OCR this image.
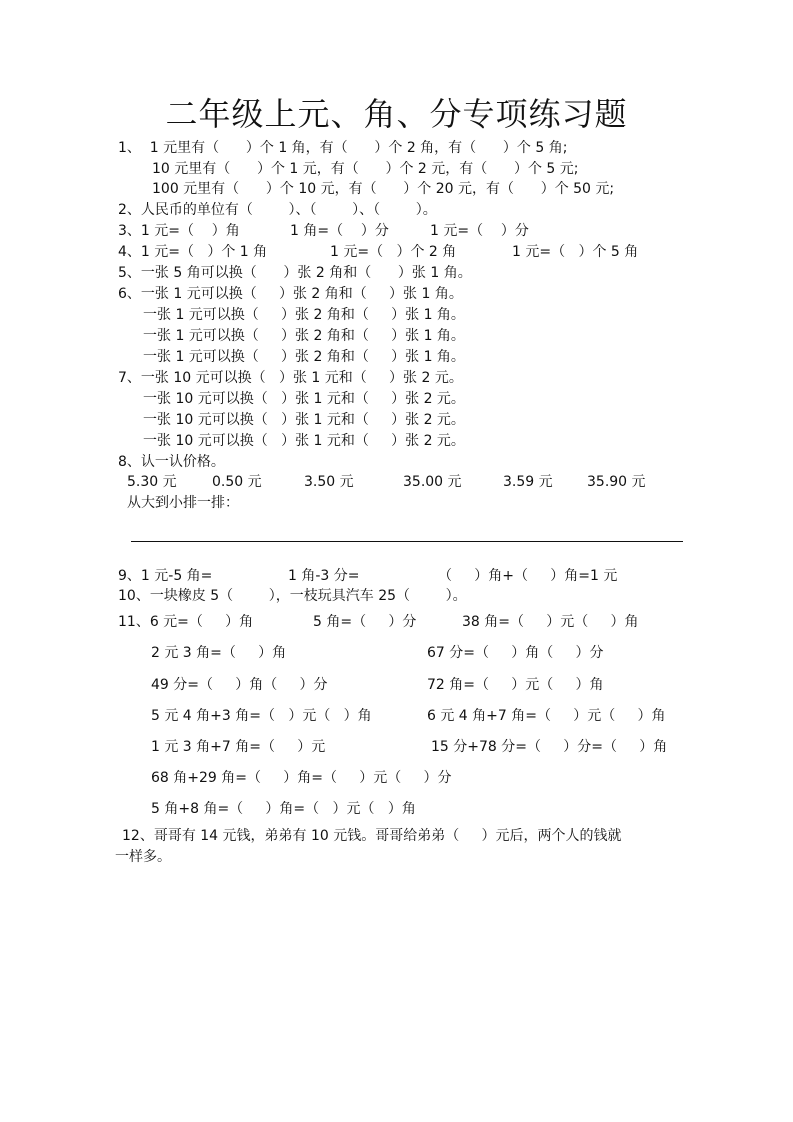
二年级上元、角、分专项练习题
1、  1 元里有（      ）个 1 角，有（      ）个 2 角，有（      ）个 5 角;
10 元里有（      ）个 1 元，有（      ）个 2 元，有（      ）个 5 元;
100 元里有（      ）个 10 元，有（      ）个 20 元，有（      ）个 50 元;
2、人民币的单位有（        ）、（        ）、（        ）。
3、1 元=（    ）角	1 角=（    ）分	1 元=（    ）分
4、1 元=（   ）个 1 角	1 元=（   ）个 2 角	1 元=（   ）个 5 角
5、一张 5 角可以换（      ）张 2 角和（      ）张 1 角。
6、一张 1 元可以换（     ）张 2 角和（     ）张 1 角。
一张 1 元可以换（     ）张 2 角和（     ）张 1 角。
一张 1 元可以换（     ）张 2 角和（     ）张 1 角。
一张 1 元可以换（     ）张 2 角和（     ）张 1 角。
7、一张 10 元可以换（   ）张 1 元和（     ）张 2 元。
一张 10 元可以换（   ）张 1 元和（     ）张 2 元。
一张 10 元可以换（   ）张 1 元和（     ）张 2 元。
一张 10 元可以换（   ）张 1 元和（     ）张 2 元。
8、认一认价格。
5.30 元	0.50 元	3.50 元	35.00 元	3.59 元 35.90 元
从大到小排一排：
9、1 元-5 角=	1 角-3 分=	（     ）角+（     ）角=1 元
10、一块橡皮 5（        ），一枝玩具汽车 25（        ）。
11、6 元=（     ）角	5 角=（     ）分	38 角=（     ）元（     ）角
2 元 3 角=（     ）角	67 分=（     ）角（     ）分
49 分=（     ）角（     ）分	72 角=（     ）元（     ）角
5 元 4 角+3 角=（   ）元（   ）角	6 元 4 角+7 角=（     ）元（     ）角
1 元 3 角+7 角=（     ）元	15 分+78 分=（     ）分=（     ）角
68 角+29 角=（     ）角=（     ）元（     ）分
5 角+8 角=（     ）角=（   ）元（   ）角
12、哥哥有 14 元钱，弟弟有 10 元钱。哥哥给弟弟（     ）元后，两个人的钱就
一样多。
